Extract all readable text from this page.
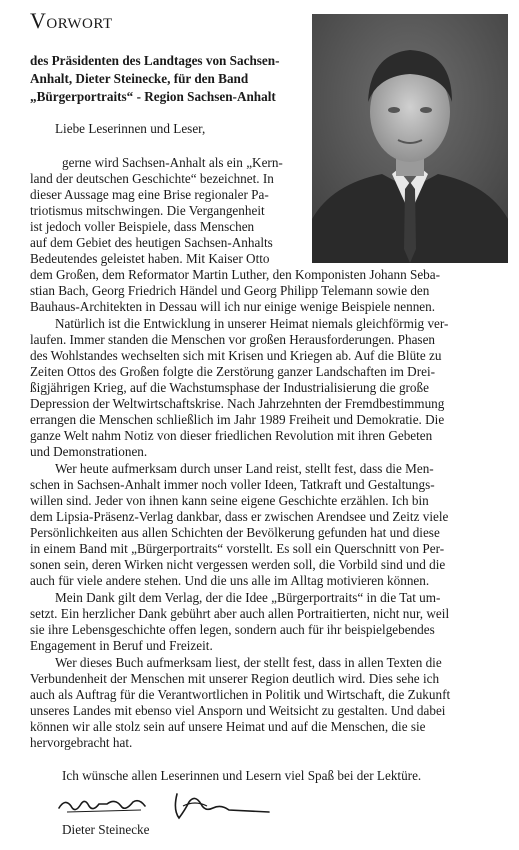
Vorwort
des Präsidenten des Landtages von Sachsen-
Anhalt, Dieter Steinecke, für den Band
„Bürgerportraits“ - Region Sachsen-Anhalt
Liebe Leserinnen und Leser,
gerne wird Sachsen-Anhalt als ein „Kern-
land der deutschen Geschichte“ bezeichnet. In
dieser Aussage mag eine Brise regionaler Pa-
triotismus mitschwingen. Die Vergangenheit
ist jedoch voller Beispiele, dass Menschen
auf dem Gebiet des heutigen Sachsen-Anhalts
Bedeutendes geleistet haben. Mit Kaiser Otto
dem Großen, dem Reformator Martin Luther, den Komponisten Johann Seba-
stian Bach, Georg Friedrich Händel und Georg Philipp Telemann sowie den
Bauhaus-Architekten in Dessau will ich nur einige wenige Beispiele nennen.
Natürlich ist die Entwicklung in unserer Heimat niemals gleichförmig ver-
laufen. Immer standen die Menschen vor großen Herausforderungen. Phasen
des Wohlstandes wechselten sich mit Krisen und Kriegen ab. Auf die Blüte zu
Zeiten Ottos des Großen folgte die Zerstörung ganzer Landschaften im Drei-
ßigjährigen Krieg, auf die Wachstumsphase der Industrialisierung die große
Depression der Weltwirtschaftskrise. Nach Jahrzehnten der Fremdbestimmung
errangen die Menschen schließlich im Jahr 1989 Freiheit und Demokratie. Die
ganze Welt nahm Notiz von dieser friedlichen Revolution mit ihren Gebeten
und Demonstrationen.
Wer heute aufmerksam durch unser Land reist, stellt fest, dass die Men-
schen in Sachsen-Anhalt immer noch voller Ideen, Tatkraft und Gestaltungs-
willen sind. Jeder von ihnen kann seine eigene Geschichte erzählen. Ich bin
dem Lipsia-Präsenz-Verlag dankbar, dass er zwischen Arendsee und Zeitz viele
Persönlichkeiten aus allen Schichten der Bevölkerung gefunden hat und diese
in einem Band mit „Bürgerportraits“ vorstellt. Es soll ein Querschnitt von Per-
sonen sein, deren Wirken nicht vergessen werden soll, die Vorbild sind und die
auch für viele andere stehen. Und die uns alle im Alltag motivieren können.
Mein Dank gilt dem Verlag, der die Idee „Bürgerportraits“ in die Tat um-
setzt. Ein herzlicher Dank gebührt aber auch allen Portraitierten, nicht nur, weil
sie ihre Lebensgeschichte offen legen, sondern auch für ihr beispielgebendes
Engagement in Beruf und Freizeit.
Wer dieses Buch aufmerksam liest, der stellt fest, dass in allen Texten die
Verbundenheit der Menschen mit unserer Region deutlich wird. Dies sehe ich
auch als Auftrag für die Verantwortlichen in Politik und Wirtschaft, die Zukunft
unseres Landes mit ebenso viel Ansporn und Weitsicht zu gestalten. Und dabei
können wir alle stolz sein auf unsere Heimat und auf die Menschen, die sie
hervorgebracht hat.
Ich wünsche allen Leserinnen und Lesern viel Spaß bei der Lektüre.
Dieter Steinecke
